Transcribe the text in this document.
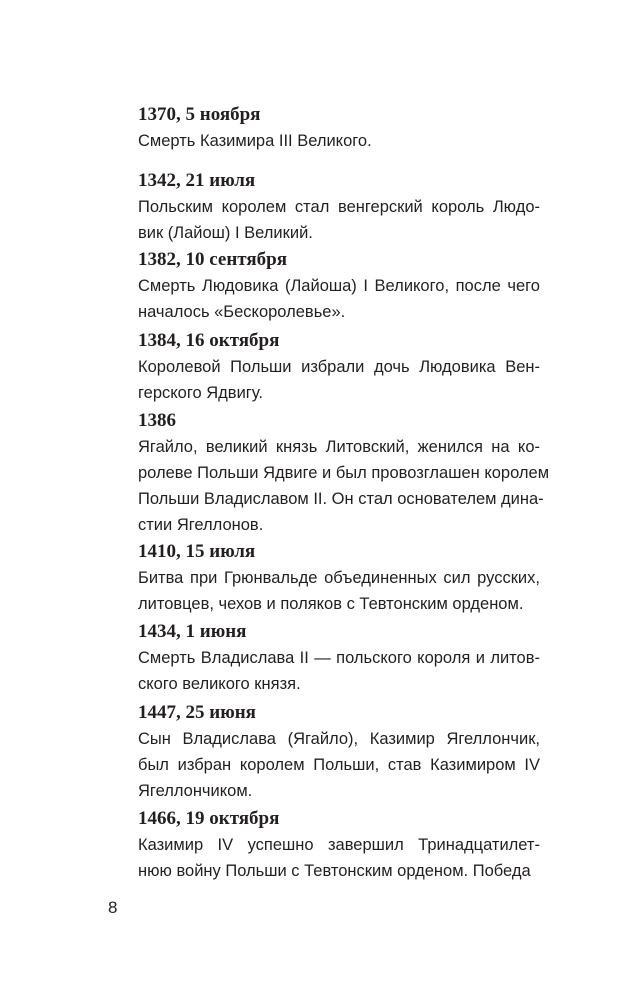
1370, 5 ноября

Смерть Казимира III Великого.

1342, 21 июля

Польским королем стал венгерский король Людо-
вик (Лайош) I Великий.

1382, 10 сентября

Смерть Людовика (Лайоша) I Великого, после чего
началось «Бескоролевье».

1384, 16 октября

Королевой Польши избрали дочь Людовика Вен-
герского Ядвигу.

1386

Ягайло, великий князь Литовский, женился на ко-
ролеве Польши Ядвиге и был провозглашен королем
Польши Владиславом II. Он стал основателем дина-
стии Ягеллонов.

1410, 15 июля

Битва при Грюнвальде объединенных сил русских,
литовцев, чехов и поляков с Тевтонским орденом.

1434, 1 июня

Смерть Владислава II — польского короля и литов-
ского великого князя.

1447, 25 июня

Сын Владислава (Ягайло), Казимир Ягеллончик,
был избран королем Польши, став Казимиром IV
Ягеллончиком.

1466, 19 октября

Казимир IV успешно завершил Тринадцатилет-
нюю войну Польши с Тевтонским орденом. Победа

8
